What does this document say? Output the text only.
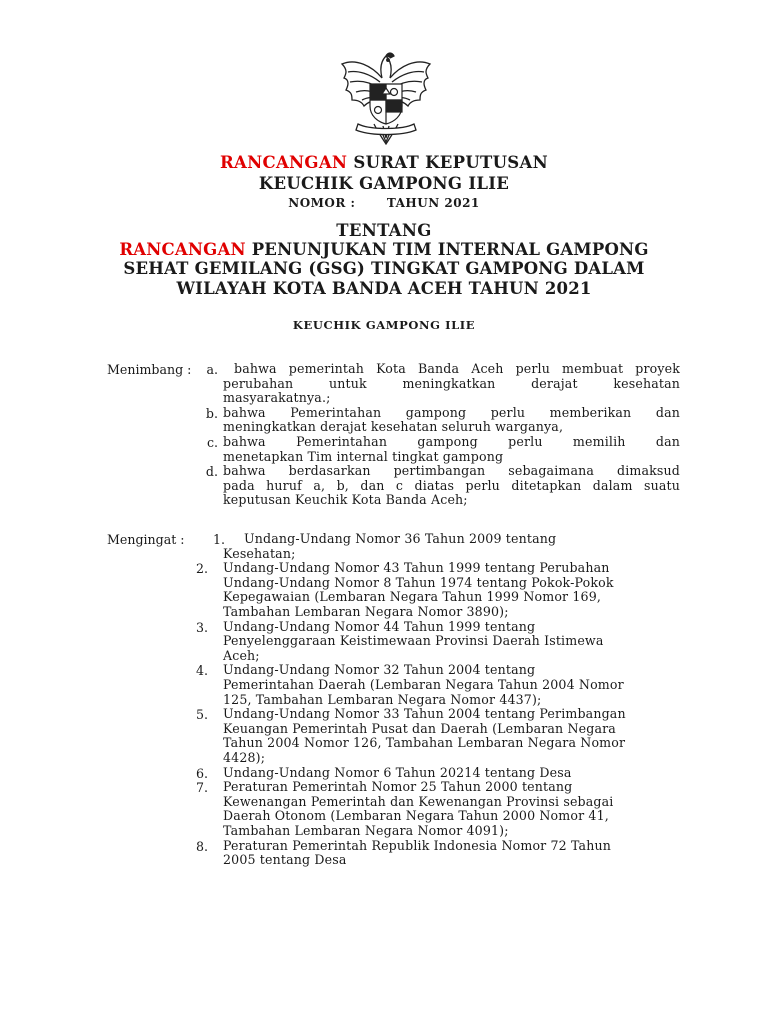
RANCANGAN SURAT KEPUTUSAN
KEUCHIK GAMPONG ILIE
NOMOR :	TAHUN 2021
TENTANG
RANCANGAN PENUNJUKAN TIM INTERNAL GAMPONG
SEHAT GEMILANG (GSG) TINGKAT GAMPONG DALAM
WILAYAH KOTA BANDA ACEH TAHUN 2021
KEUCHIK GAMPONG ILIE
Menimbang :	a. bahwa pemerintah Kota Banda Aceh perlu membuat proyek
perubahan untuk meningkatkan derajat kesehatan
masyarakatnya.;
b. bahwa Pemerintahan gampong perlu memberikan dan
meningkatkan derajat kesehatan seluruh warganya,
c. bahwa Pemerintahan gampong perlu memilih dan
menetapkan Tim internal tingkat gampong
d. bahwa berdasarkan pertimbangan sebagaimana dimaksud
pada huruf a, b, dan c diatas perlu ditetapkan dalam suatu
keputusan Keuchik Kota Banda Aceh;
Mengingat : 1.	Undang-Undang Nomor 36 Tahun 2009 tentang
Kesehatan;
2.	Undang-Undang Nomor 43 Tahun 1999 tentang Perubahan
Undang-Undang Nomor 8 Tahun 1974 tentang Pokok-Pokok
Kepegawaian (Lembaran Negara Tahun 1999 Nomor 169,
Tambahan Lembaran Negara Nomor 3890);
3.	Undang-Undang Nomor 44 Tahun 1999 tentang
Penyelenggaraan Keistimewaan Provinsi Daerah Istimewa
Aceh;
4.	Undang-Undang Nomor 32 Tahun 2004 tentang
Pemerintahan Daerah (Lembaran Negara Tahun 2004 Nomor
125, Tambahan Lembaran Negara Nomor 4437);
5.	Undang-Undang Nomor 33 Tahun 2004 tentang Perimbangan
Keuangan Pemerintah Pusat dan Daerah (Lembaran Negara
Tahun 2004 Nomor 126, Tambahan Lembaran Negara Nomor
4428);
6.	Undang-Undang Nomor 6 Tahun 20214 tentang Desa
7.	Peraturan Pemerintah Nomor 25 Tahun 2000 tentang
Kewenangan Pemerintah dan Kewenangan Provinsi sebagai
Daerah Otonom (Lembaran Negara Tahun 2000 Nomor 41,
Tambahan Lembaran Negara Nomor 4091);
8.	Peraturan Pemerintah Republik Indonesia Nomor 72 Tahun
2005 tentang Desa
